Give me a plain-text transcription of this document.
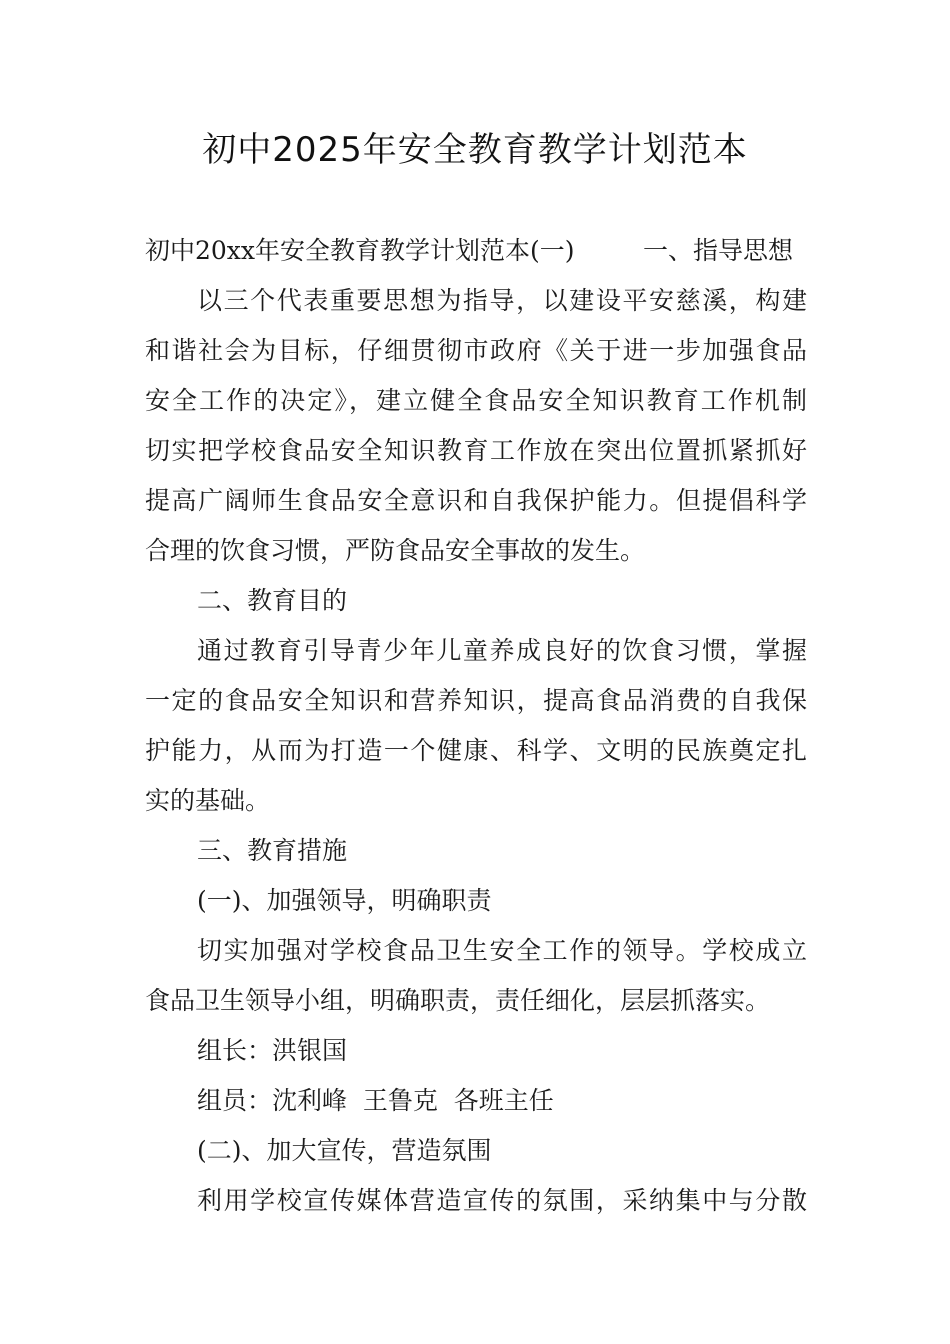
初中2025年安全教育教学计划范本
初中20xx年安全教育教学计划范本(一)	一、指导思想

以三个代表重要思想为指导，以建设平安慈溪，构建

和谐社会为目标，仔细贯彻市政府《关于进一步加强食品

安全工作的决定》，建立健全食品安全知识教育工作机制

切实把学校食品安全知识教育工作放在突出位置抓紧抓好

提高广阔师生食品安全意识和自我保护能力。但提倡科学

合理的饮食习惯，严防食品安全事故的发生。

二、教育目的

通过教育引导青少年儿童养成良好的饮食习惯，掌握

一定的食品安全知识和营养知识，提高食品消费的自我保

护能力，从而为打造一个健康、科学、文明的民族奠定扎

实的基础。

三、教育措施

(一)、加强领导，明确职责

切实加强对学校食品卫生安全工作的领导。学校成立

食品卫生领导小组，明确职责，责任细化，层层抓落实。

组长：洪银国

组员：沈利峰  王鲁克  各班主任

(二)、加大宣传，营造氛围

利用学校宣传媒体营造宣传的氛围，采纳集中与分散
